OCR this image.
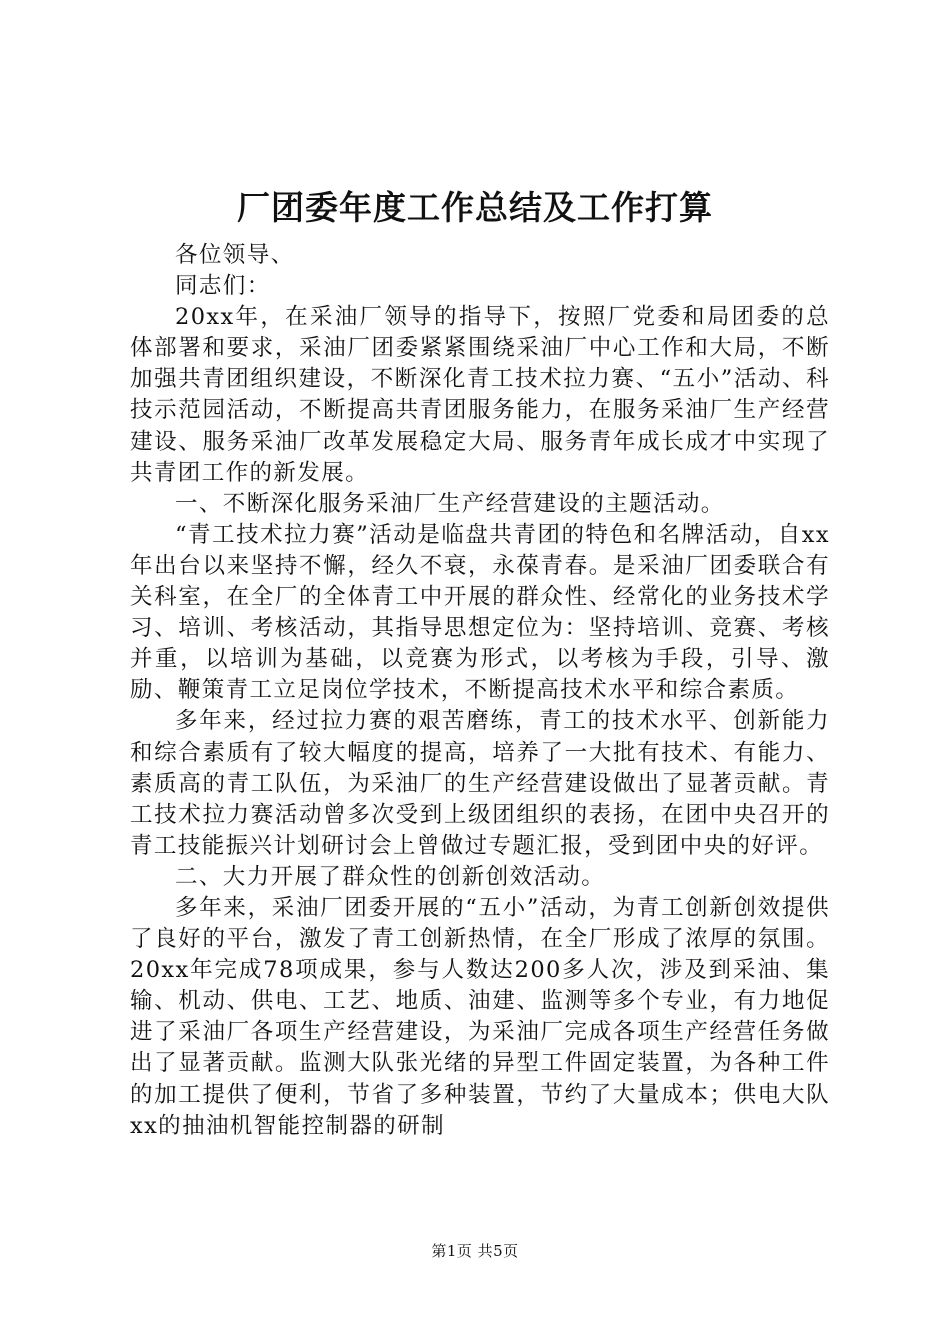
厂团委年度工作总结及工作打算

各位领导、

同志们：

20xx年，在采油厂领导的指导下，按照厂党委和局团委的总体部署和要求，采油厂团委紧紧围绕采油厂中心工作和大局，不断加强共青团组织建设，不断深化青工技术拉力赛、“五小”活动、科技示范园活动，不断提高共青团服务能力，在服务采油厂生产经营建设、服务采油厂改革发展稳定大局、服务青年成长成才中实现了共青团工作的新发展。

一、不断深化服务采油厂生产经营建设的主题活动。

“青工技术拉力赛”活动是临盘共青团的特色和名牌活动，自xx年出台以来坚持不懈，经久不衰，永葆青春。是采油厂团委联合有关科室，在全厂的全体青工中开展的群众性、经常化的业务技术学习、培训、考核活动，其指导思想定位为：坚持培训、竞赛、考核并重，以培训为基础，以竞赛为形式，以考核为手段，引导、激励、鞭策青工立足岗位学技术，不断提高技术水平和综合素质。

多年来，经过拉力赛的艰苦磨练，青工的技术水平、创新能力和综合素质有了较大幅度的提高，培养了一大批有技术、有能力、素质高的青工队伍，为采油厂的生产经营建设做出了显著贡献。青工技术拉力赛活动曾多次受到上级团组织的表扬，在团中央召开的青工技能振兴计划研讨会上曾做过专题汇报，受到团中央的好评。

二、大力开展了群众性的创新创效活动。

多年来，采油厂团委开展的“五小”活动，为青工创新创效提供了良好的平台，激发了青工创新热情，在全厂形成了浓厚的氛围。20xx年完成78项成果，参与人数达200多人次，涉及到采油、集输、机动、供电、工艺、地质、油建、监测等多个专业，有力地促进了采油厂各项生产经营建设，为采油厂完成各项生产经营任务做出了显著贡献。监测大队张光绪的异型工件固定装置，为各种工件的加工提供了便利，节省了多种装置，节约了大量成本；供电大队xx的抽油机智能控制器的研制

第1页 共5页
